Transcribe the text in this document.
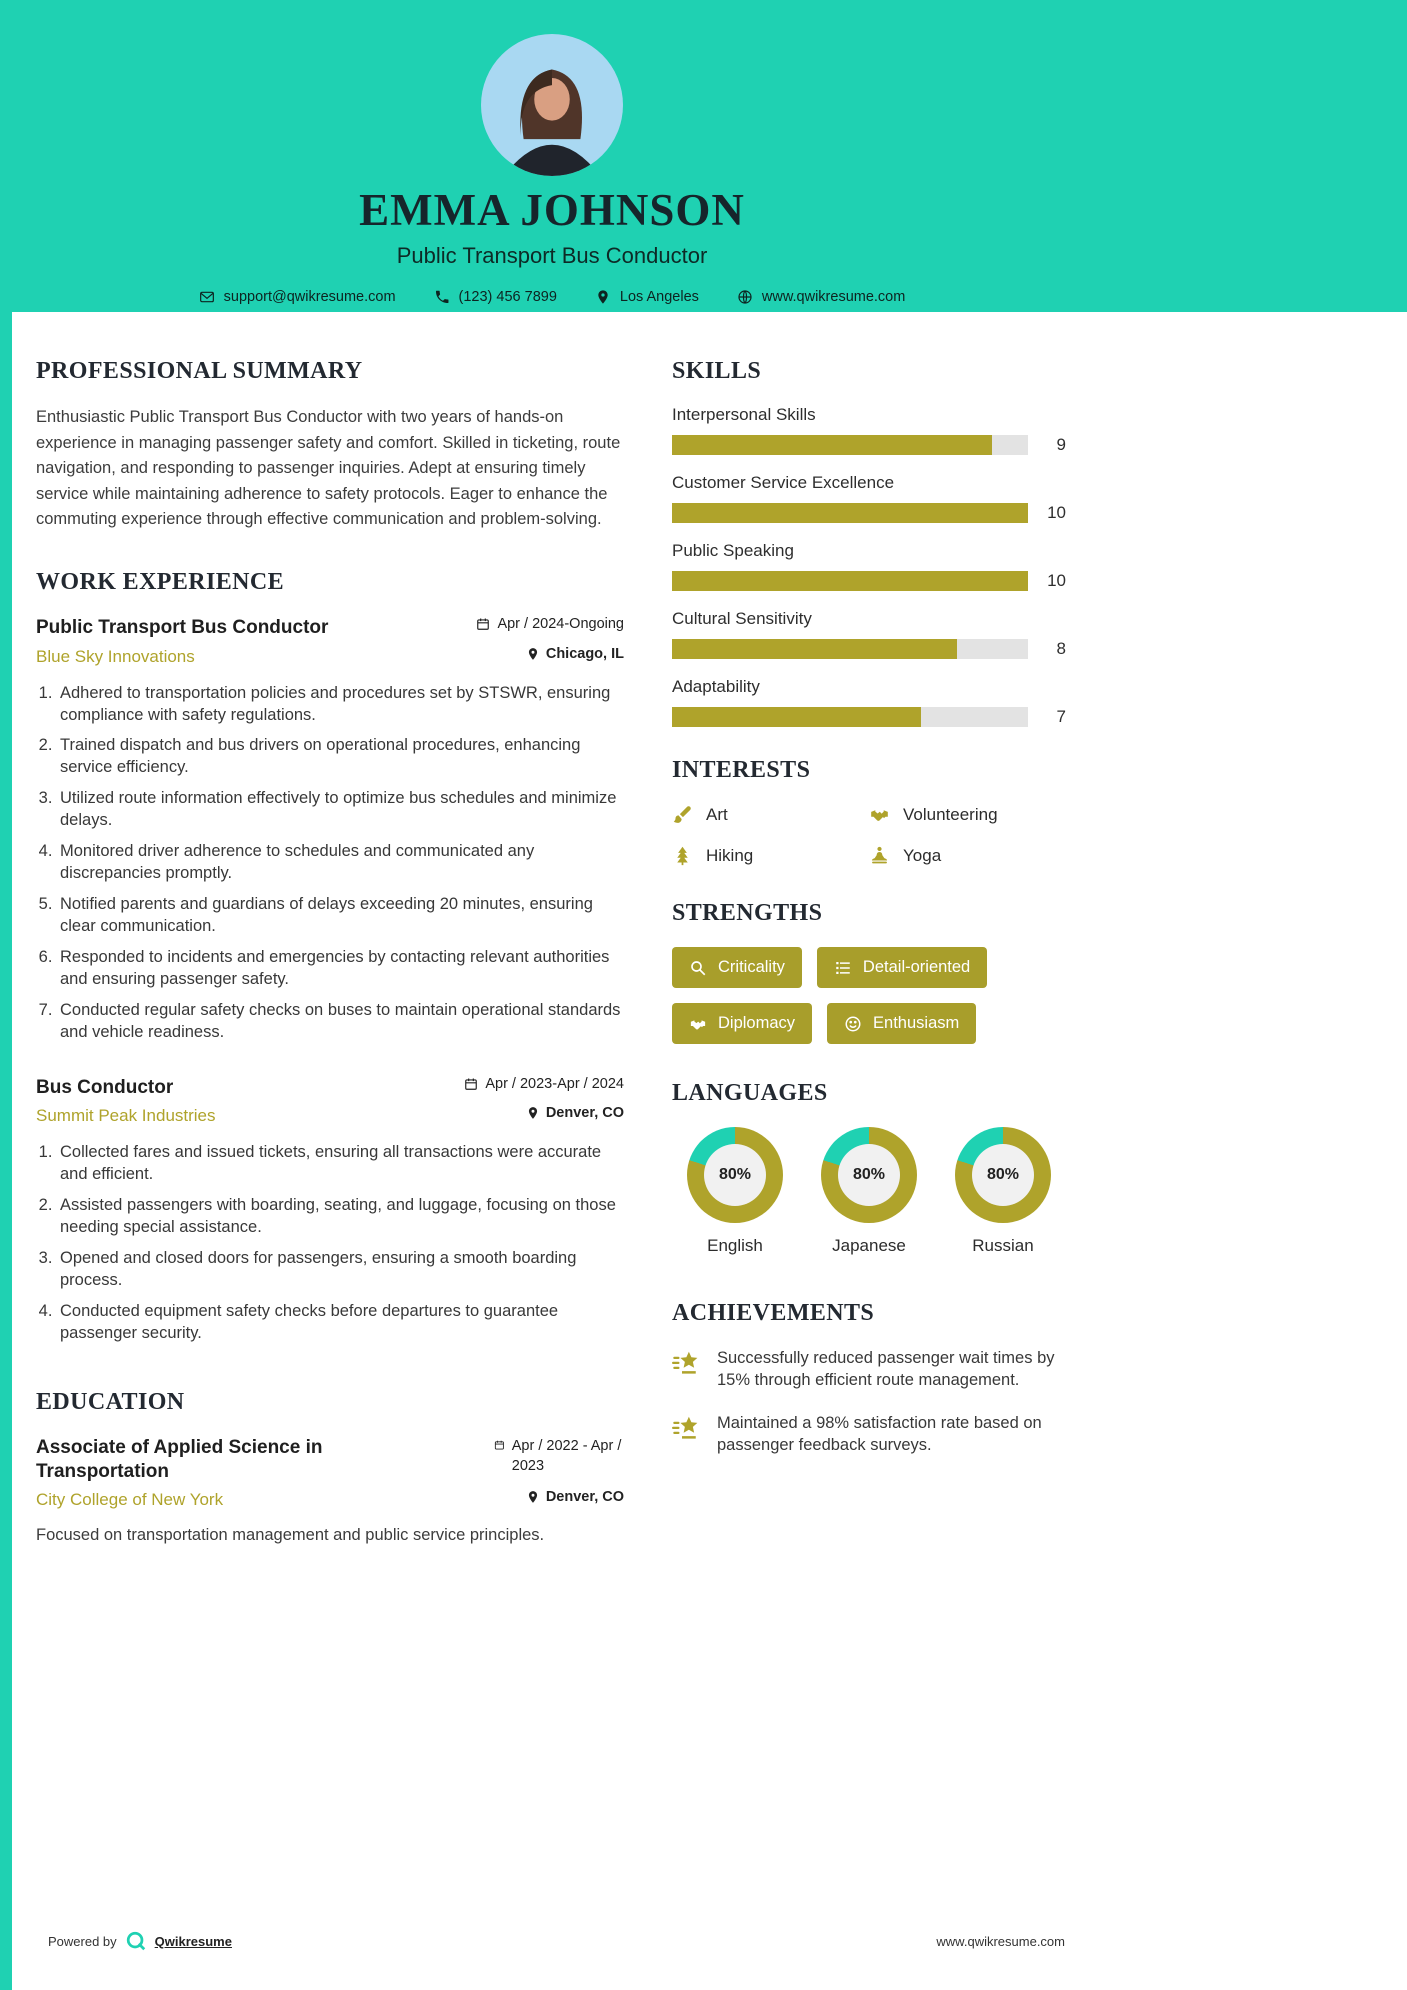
EMMA JOHNSON
Public Transport Bus Conductor
support@qwikresume.com	(123) 456 7899	Los Angeles	www.qwikresume.com
PROFESSIONAL SUMMARY

Enthusiastic Public Transport Bus Conductor with two years of hands-on experience in managing passenger safety and comfort. Skilled in ticketing, route navigation, and responding to passenger inquiries. Adept at ensuring timely service while maintaining adherence to safety protocols. Eager to enhance the commuting experience through effective communication and problem-solving.

WORK EXPERIENCE
Public Transport Bus Conductor	Apr / 2024-Ongoing
Blue Sky Innovations	Chicago, IL
1. Adhered to transportation policies and procedures set by STSWR, ensuring compliance with safety regulations.
2. Trained dispatch and bus drivers on operational procedures, enhancing service efficiency.
3. Utilized route information effectively to optimize bus schedules and minimize delays.
4. Monitored driver adherence to schedules and communicated any discrepancies promptly.
5. Notified parents and guardians of delays exceeding 20 minutes, ensuring clear communication.
6. Responded to incidents and emergencies by contacting relevant authorities and ensuring passenger safety.
7. Conducted regular safety checks on buses to maintain operational standards and vehicle readiness.
Bus Conductor	Apr / 2023-Apr / 2024
Summit Peak Industries	Denver, CO
1. Collected fares and issued tickets, ensuring all transactions were accurate and efficient.
2. Assisted passengers with boarding, seating, and luggage, focusing on those needing special assistance.
3. Opened and closed doors for passengers, ensuring a smooth boarding process.
4. Conducted equipment safety checks before departures to guarantee passenger security.
EDUCATION
Associate of Applied Science in Transportation
Apr / 2022 - Apr / 2023
City College of New York	Denver, CO
Focused on transportation management and public service principles.
SKILLS
Interpersonal Skills
9
Customer Service Excellence
10
Public Speaking
10
Cultural Sensitivity
8
Adaptability
7
INTERESTS
Art	Volunteering
Hiking	Yoga
STRENGTHS
Criticality	Detail-oriented
Diplomacy	Enthusiasm
LANGUAGES
80%
English
80%
Japanese
80%
Russian
ACHIEVEMENTS
Successfully reduced passenger wait times by 15% through efficient route management.
Maintained a 98% satisfaction rate based on passenger feedback surveys.
Powered by	Qwikresume	www.qwikresume.com
